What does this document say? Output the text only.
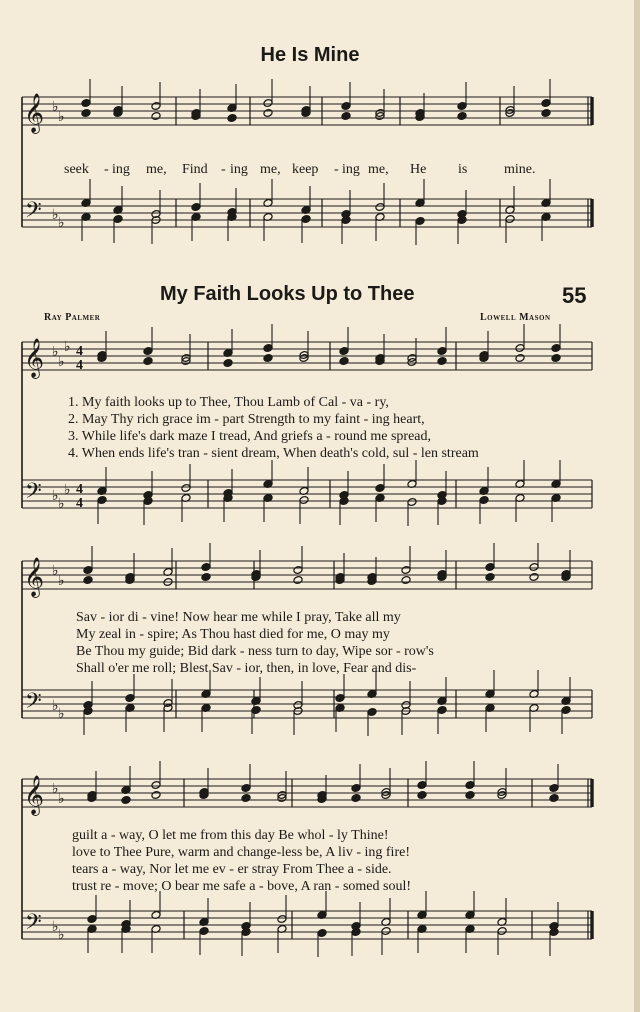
𝄞
𝄢
♭
♭
♭ ♭
𝄞
𝄢
♭
♭
♭ ♭
♭
♭
4
4
4
4
𝄞
𝄢
♭
♭
♭ ♭
𝄞
𝄢
♭
♭
♭ ♭
He Is Mine
seek - ing me, Find - ing me, keep - ing me, He is	mine.
My Faith Looks Up to Thee	55
Ray Palmer	Lowell Mason
1. My faith looks up to Thee, Thou Lamb of Cal - va - ry,
2. May Thy rich grace im - part Strength to my faint - ing heart,
3. While life's dark maze I tread, And griefs a - round me spread,
4. When ends life's tran - sient dream, When death's cold, sul - len stream
Sav - ior di - vine! Now hear me while I pray, Take all my
My zeal in - spire; As Thou hast died for me, O may my
Be Thou my guide; Bid dark - ness turn to day, Wipe sor - row's
Shall o'er me roll; Blest Sav - ior, then, in love, Fear and dis-
guilt a - way, O let me from this day Be whol - ly Thine!
love to Thee Pure, warm and change-less be, A liv - ing fire!
tears a - way, Nor let me ev - er stray From Thee a - side.
trust re - move; O bear me safe a - bove, A ran - somed soul!
